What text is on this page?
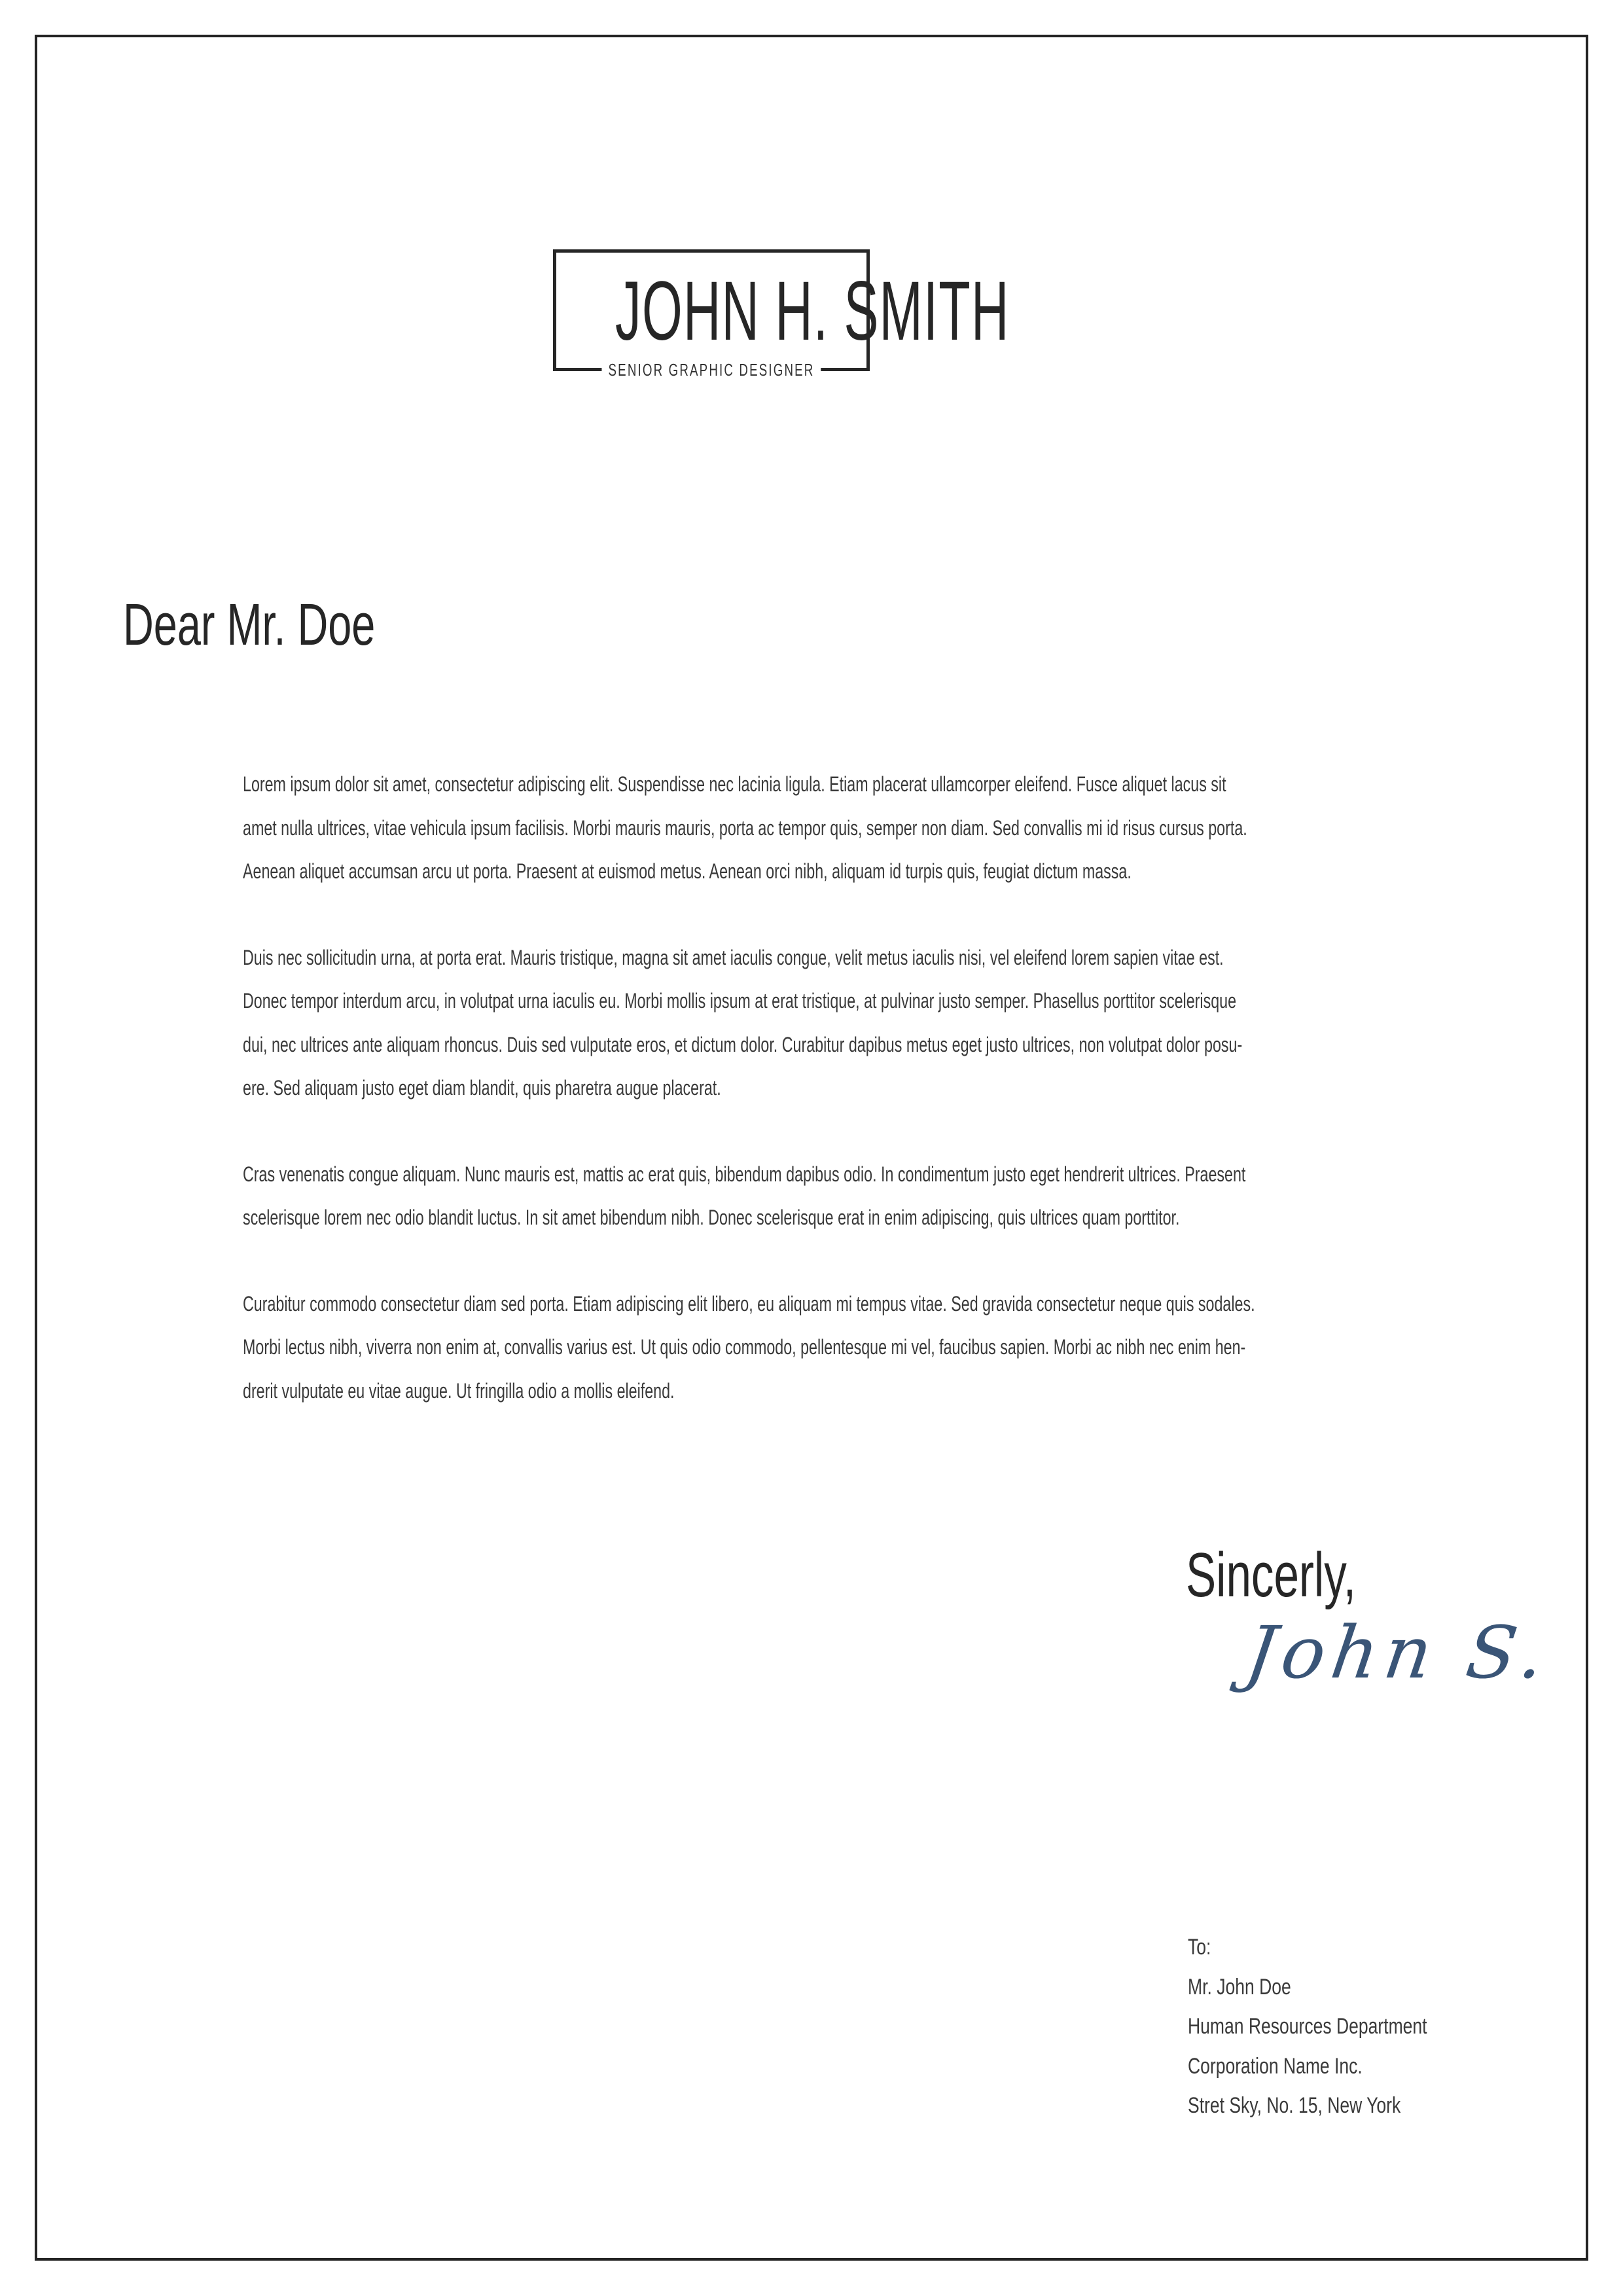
JOHN H. SMITH
SENIOR GRAPHIC DESIGNER
Dear Mr. Doe

Lorem ipsum dolor sit amet, consectetur adipiscing elit. Suspendisse nec lacinia ligula. Etiam placerat ullamcorper eleifend. Fusce aliquet lacus sit
amet nulla ultrices, vitae vehicula ipsum facilisis. Morbi mauris mauris, porta ac tempor quis, semper non diam. Sed convallis mi id risus cursus porta.
Aenean aliquet accumsan arcu ut porta. Praesent at euismod metus. Aenean orci nibh, aliquam id turpis quis, feugiat dictum massa.

Duis nec sollicitudin urna, at porta erat. Mauris tristique, magna sit amet iaculis congue, velit metus iaculis nisi, vel eleifend lorem sapien vitae est.
Donec tempor interdum arcu, in volutpat urna iaculis eu. Morbi mollis ipsum at erat tristique, at pulvinar justo semper. Phasellus porttitor scelerisque
dui, nec ultrices ante aliquam rhoncus. Duis sed vulputate eros, et dictum dolor. Curabitur dapibus metus eget justo ultrices, non volutpat dolor posu-
ere. Sed aliquam justo eget diam blandit, quis pharetra augue placerat.

Cras venenatis congue aliquam. Nunc mauris est, mattis ac erat quis, bibendum dapibus odio. In condimentum justo eget hendrerit ultrices. Praesent
scelerisque lorem nec odio blandit luctus. In sit amet bibendum nibh. Donec scelerisque erat in enim adipiscing, quis ultrices quam porttitor.

Curabitur commodo consectetur diam sed porta. Etiam adipiscing elit libero, eu aliquam mi tempus vitae. Sed gravida consectetur neque quis sodales.
Morbi lectus nibh, viverra non enim at, convallis varius est. Ut quis odio commodo, pellentesque mi vel, faucibus sapien. Morbi ac nibh nec enim hen-
drerit vulputate eu vitae augue. Ut fringilla odio a mollis eleifend.

Sincerly,
John S.
To:
Mr. John Doe
Human Resources Department
Corporation Name Inc.
Stret Sky, No. 15, New York
